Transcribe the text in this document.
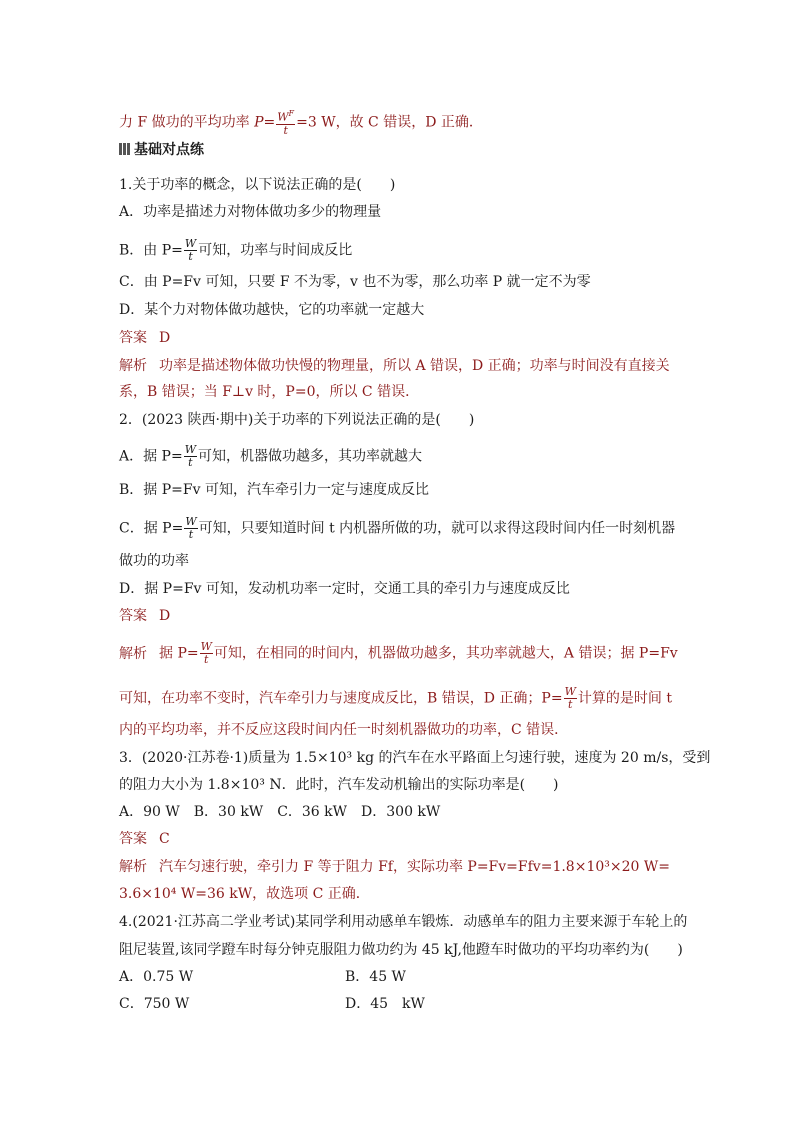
力 F 做功的平均功率 $P= \frac{W^F}{t} =3$ W，故 C 错误，D 正确．
基础对点练
1.关于功率的概念，以下说法正确的是(　　)
A．功率是描述力对物体做功多少的物理量
B．由 $P= \frac{W}{t}$ 可知，功率与时间成反比
C．由 P=Fv 可知，只要 F 不为零，v 也不为零，那么功率 P 就一定不为零
D．某个力对物体做功越快，它的功率就一定越大
答案 D
解析 功率是描述物体做功快慢的物理量，所以 A 错误，D 正确；功率与时间没有直接关
系，B 错误；当 F⊥v 时，P=0，所以 C 错误．
2．(2023 陕西·期中)关于功率的下列说法正确的是(　　)
A．据 $P= \frac{W}{t}$ 可知，机器做功越多，其功率就越大
B．据 P=Fv 可知，汽车牵引力一定与速度成反比
C．据 $P= \frac{W}{t}$ 可知，只要知道时间 t 内机器所做的功，就可以求得这段时间内任一时刻机器
做功的功率
D．据 P=Fv 可知，发动机功率一定时，交通工具的牵引力与速度成反比
答案 D
解析 据 $P= \frac{W}{t}$ 可知，在相同的时间内，机器做功越多，其功率就越大，A 错误；据 P=Fv
可知，在功率不变时，汽车牵引力与速度成反比，B 错误，D 正确；$P= \frac{W}{t}$ 计算的是时间 t
内的平均功率，并不反应这段时间内任一时刻机器做功的功率，C 错误．
3．(2020·江苏卷·1)质量为 1.5×10³ kg 的汽车在水平路面上匀速行驶，速度为 20 m/s，受到
的阻力大小为 1.8×10³ N．此时，汽车发动机输出的实际功率是(　　)
A．90 W　B．30 kW　C．36 kW　D．300 kW
答案 C
解析 汽车匀速行驶，牵引力 F 等于阻力 Ff，实际功率 P=Fv=Ffv=1.8×10³×20 W=
3.6×10⁴ W=36 kW，故选项 C 正确．
4.(2021·江苏高二学业考试)某同学利用动感单车锻炼．动感单车的阻力主要来源于车轮上的
阻尼装置,该同学蹬车时每分钟克服阻力做功约为 45 kJ,他蹬车时做功的平均功率约为(　　)
A．0.75 W	B．45 W
C．750 W	D．45　kW
